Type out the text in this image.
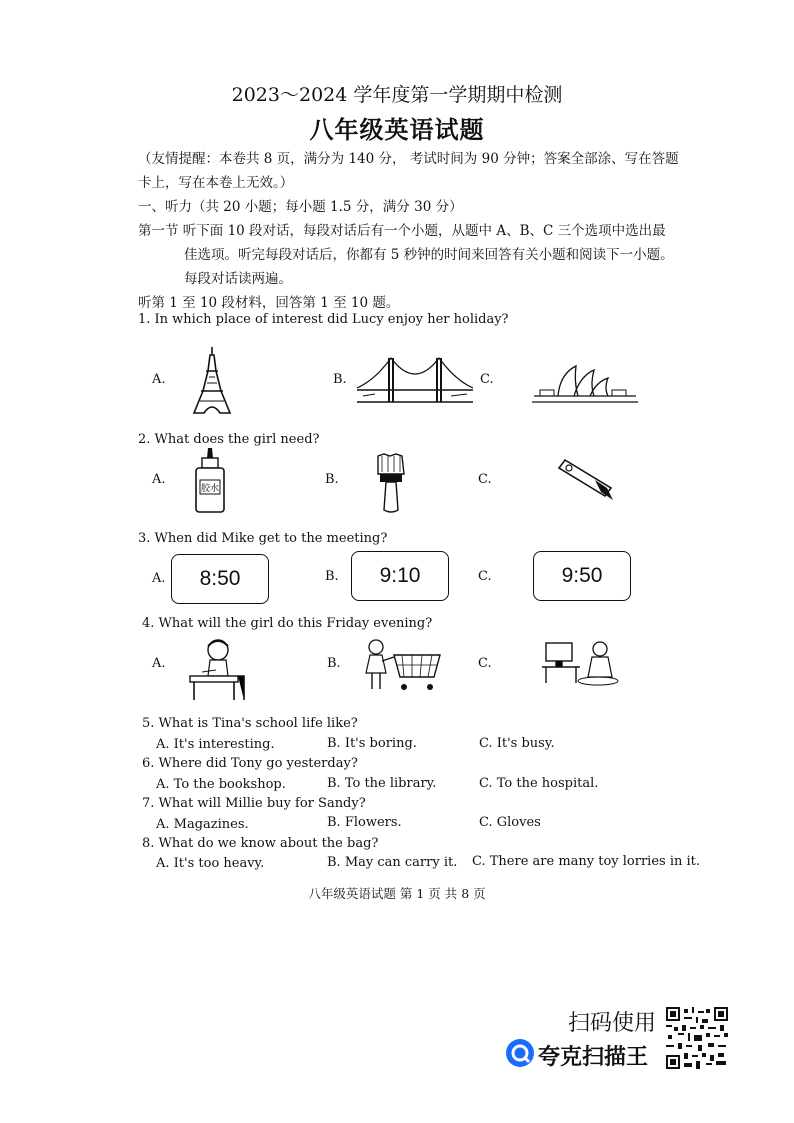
2023～2024 学年度第一学期期中检测
八年级英语试题
（友情提醒：本卷共 8 页，满分为 140 分， 考试时间为 90 分钟；答案全部涂、写在答题
卡上，写在本卷上无效。）
一、听力（共 20 小题；每小题 1.5 分，满分 30 分）
第一节 听下面 10 段对话，每段对话后有一个小题，从题中 A、B、C 三个选项中选出最
佳选项。听完每段对话后，你都有 5 秒钟的时间来回答有关小题和阅读下一小题。
每段对话读两遍。
听第 1 至 10 段材料，回答第 1 至 10 题。
1. In which place of interest did Lucy enjoy her holiday?
A.	B.	C.
2. What does the girl need?
A.
胶水
B.	C.
3. When did Mike get to the meeting?
A.	8:50	B.	9:10	C.	9:50
4. What will the girl do this Friday evening?
A.	B.	C.
5. What is Tina's school life like?
A. It's interesting.	B. It's boring.	C. It's busy.
6. Where did Tony go yesterday?
A. To the bookshop.	B. To the library.	C. To the hospital.
7. What will Millie buy for Sandy?
A. Magazines.	B. Flowers.	C. Gloves
8. What do we know about the bag?
A. It's too heavy.	B. May can carry it. C. There are many toy lorries in it.
八年级英语试题 第 1 页 共 8 页
扫码使用
夸克扫描王
